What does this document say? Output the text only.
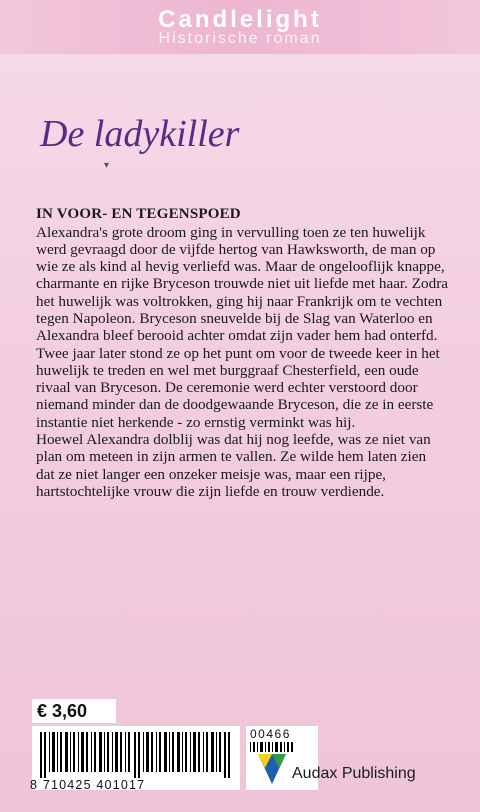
Candlelight
Historische roman
De ladykiller
▾
IN VOOR- EN TEGENSPOED

Alexandra's grote droom ging in vervulling toen ze ten huwelijk werd gevraagd door de vijfde hertog van Hawksworth, de man op wie ze als kind al hevig verliefd was. Maar de ongelooflijk knappe, charmante en rijke Bryceson trouwde niet uit liefde met haar. Zodra het huwelijk was voltrokken, ging hij naar Frankrijk om te vechten tegen Napoleon. Bryceson sneuvelde bij de Slag van Waterloo en Alexandra bleef berooid achter omdat zijn vader hem had onterfd.

Twee jaar later stond ze op het punt om voor de tweede keer in het huwelijk te treden en wel met burggraaf Chesterfield, een oude rivaal van Bryceson. De ceremonie werd echter verstoord door niemand minder dan de doodgewaande Bryceson, die ze in eerste instantie niet herkende - zo ernstig verminkt was hij.

Hoewel Alexandra dolblij was dat hij nog leefde, was ze niet van plan om meteen in zijn armen te vallen. Ze wilde hem laten zien dat ze niet langer een onzeker meisje was, maar een rijpe, hartstochtelijke vrouw die zijn liefde en trouw verdiende.

€ 3,60
8 710425 401017
00466
Audax Publishing
